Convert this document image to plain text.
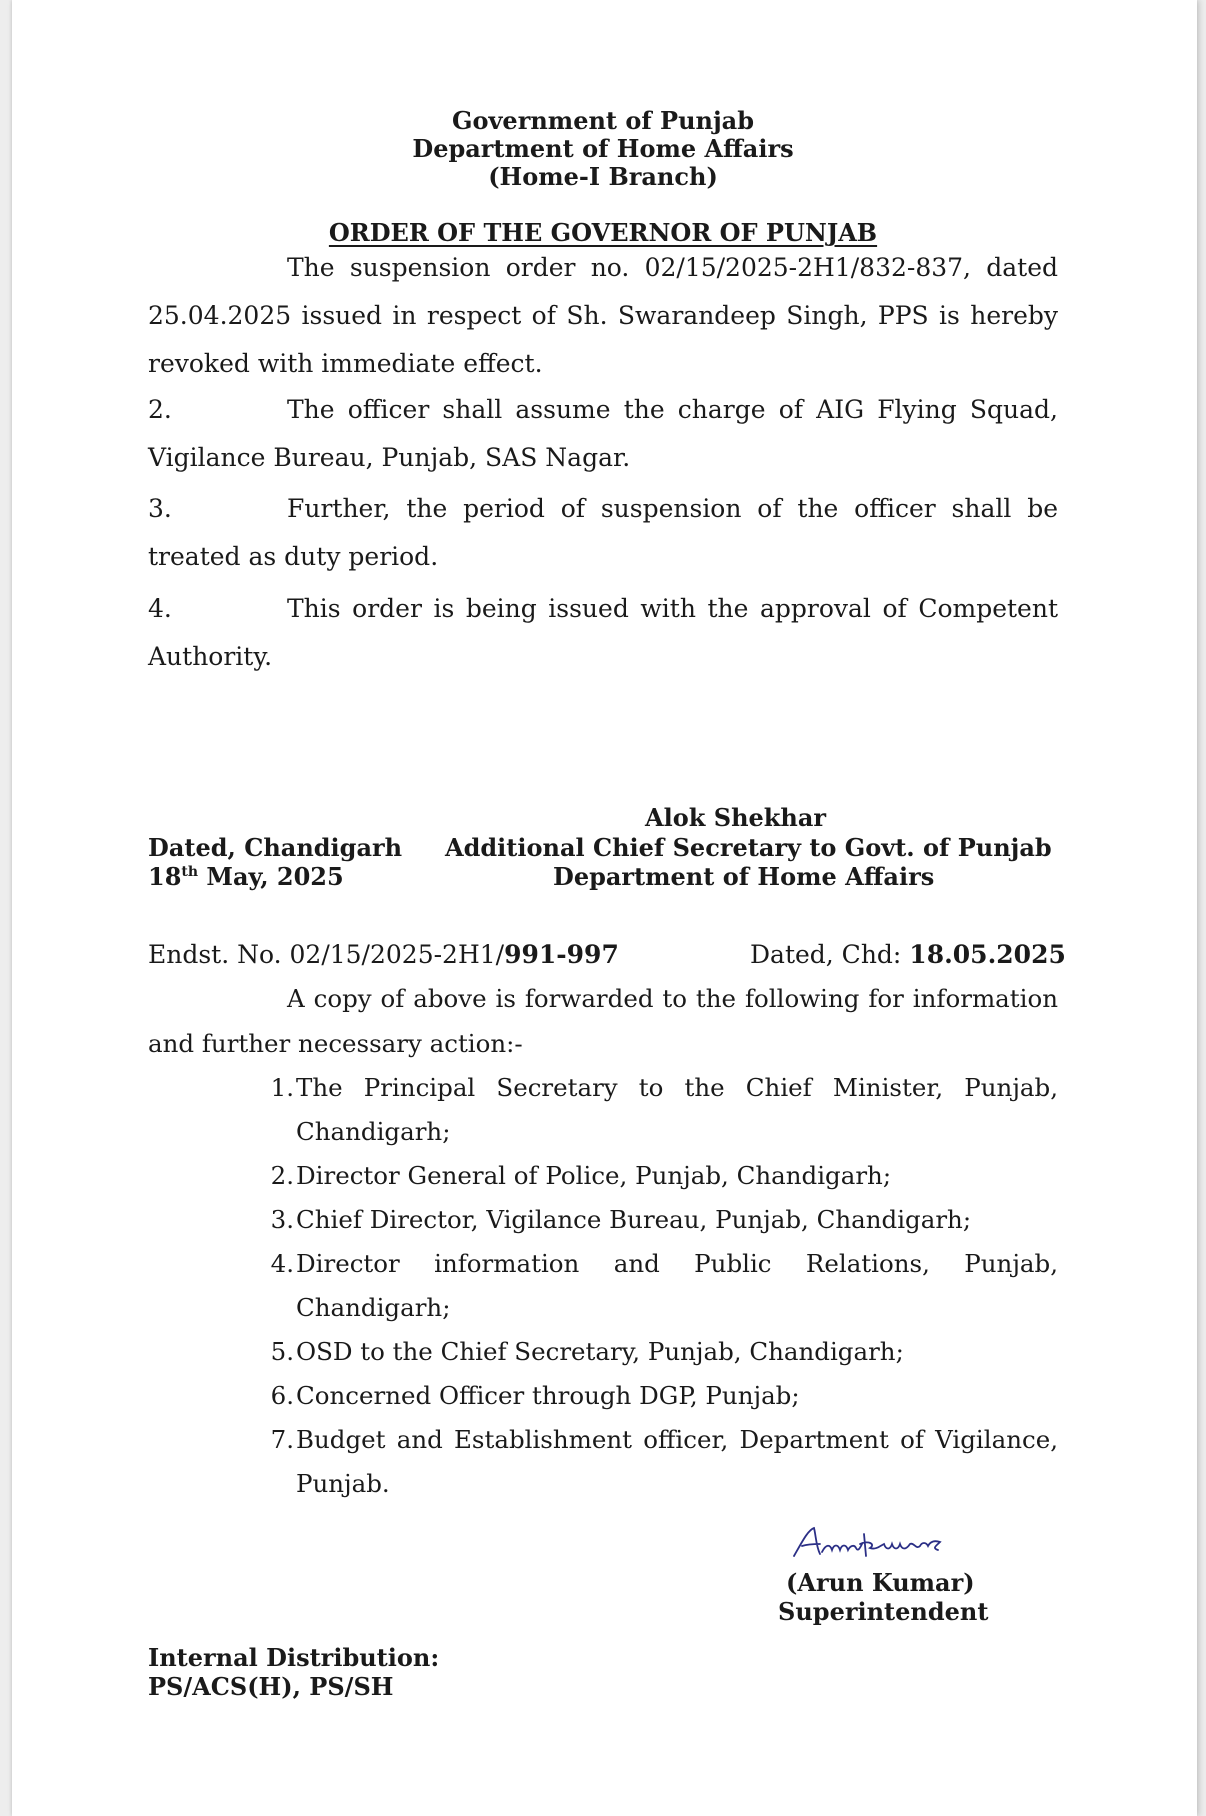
Government of Punjab
Department of Home Affairs
(Home-I Branch)
ORDER OF THE GOVERNOR OF PUNJAB
The suspension order no. 02/15/2025-2H1/832-837, dated 25.04.2025 issued in respect of Sh. Swarandeep Singh, PPS is hereby revoked with immediate effect.
2.	The officer shall assume the charge of AIG Flying Squad, Vigilance Bureau, Punjab, SAS Nagar.
3.	Further, the period of suspension of the officer shall be treated as duty period.
4.	This order is being issued with the approval of Competent Authority.
Alok Shekhar
Additional Chief Secretary to Govt. of Punjab
Department of Home Affairs
Dated, Chandigarh
18th May, 2025
Endst. No. 02/15/2025-2H1/991-997	Dated, Chd: 18.05.2025
A copy of above is forwarded to the following for information and further necessary action:-
1. The Principal Secretary to the Chief Minister, Punjab, Chandigarh;
2. Director General of Police, Punjab, Chandigarh;
3. Chief Director, Vigilance Bureau, Punjab, Chandigarh;
4. Director information and Public Relations, Punjab, Chandigarh;
5. OSD to the Chief Secretary, Punjab, Chandigarh;
6. Concerned Officer through DGP, Punjab;
7. Budget and Establishment officer, Department of Vigilance, Punjab.
(Arun Kumar)
Superintendent
Internal Distribution:
PS/ACS(H), PS/SH
